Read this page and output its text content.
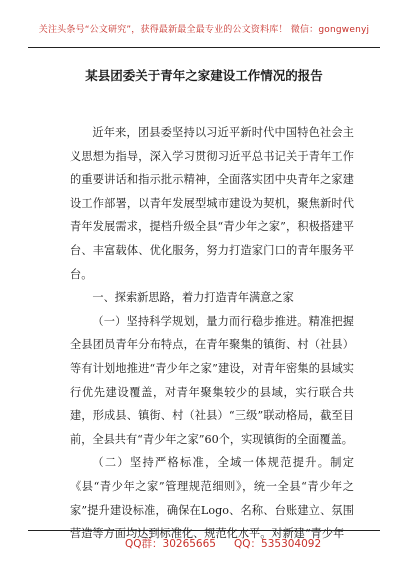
关注头条号“公文研究”，获得最新最全最专业的公文资料库！ 微信：gongwenyj
某县团委关于青年之家建设工作情况的报告

近年来，团县委坚持以习近平新时代中国特色社会主义思想为指导，深入学习贯彻习近平总书记关于青年工作的重要讲话和指示批示精神，全面落实团中央青年之家建设工作部署，以青年发展型城市建设为契机，聚焦新时代青年发展需求，提档升级全县“青少年之家”，积极搭建平台、丰富载体、优化服务，努力打造家门口的青年服务平台。

一、探索新思路，着力打造青年满意之家

（一）坚持科学规划，量力而行稳步推进。精准把握全县团员青年分布特点，在青年聚集的镇街、村（社县）等有计划地推进“青少年之家”建设，对青年密集的县域实行优先建设覆盖，对青年聚集较少的县域，实行联合共建，形成县、镇街、村（社县）“三级”联动格局，截至目前，全县共有“青少年之家”60个，实现镇街的全面覆盖。

（二）坚持严格标准，全域一体规范提升。制定《县“青少年之家”管理规范细则》，统一全县“青少年之家”提升建设标准，确保在Logo、名称、台账建立、氛围营造等方面均达到标准化、规范化水平。对新建“青少年

QQ群：30265665 QQ：535304092
